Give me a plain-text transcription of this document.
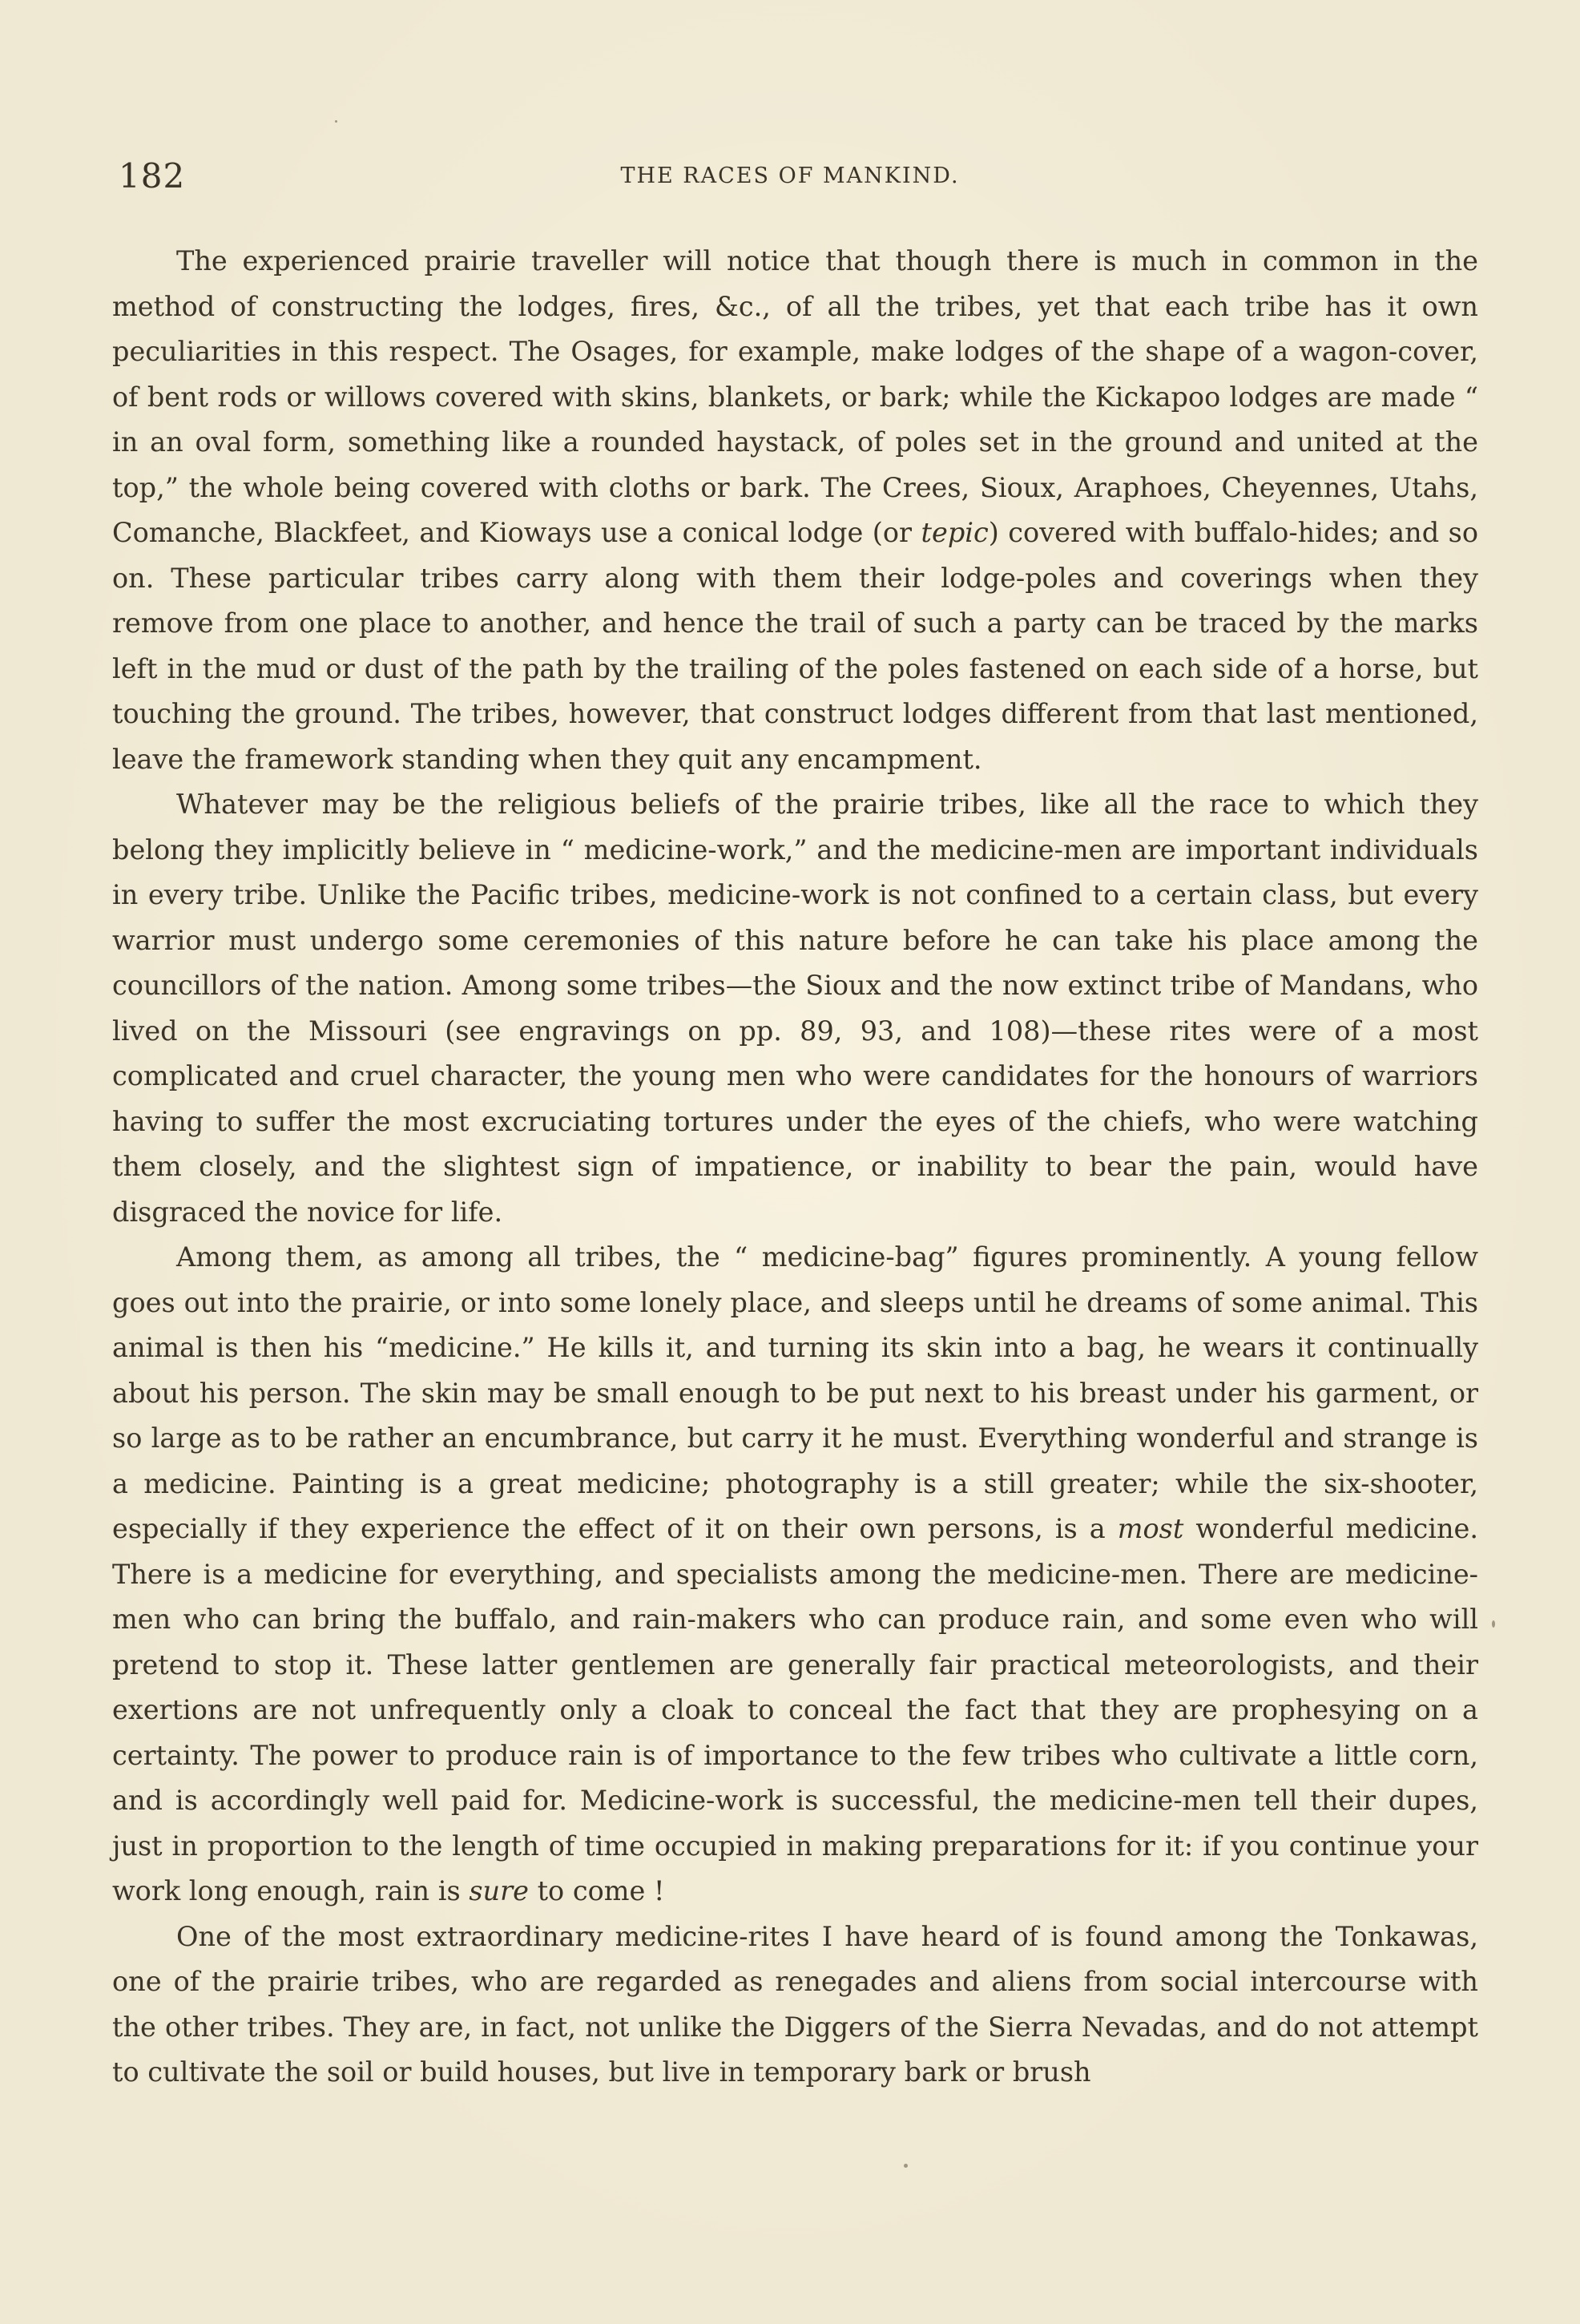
182	THE RACES OF MANKIND.

The experienced prairie traveller will notice that though there is much in common in the method of constructing the lodges, fires, &c., of all the tribes, yet that each tribe has it own peculiarities in this respect. The Osages, for example, make lodges of the shape of a wagon-cover, of bent rods or willows covered with skins, blankets, or bark; while the Kickapoo lodges are made “ in an oval form, something like a rounded haystack, of poles set in the ground and united at the top,” the whole being covered with cloths or bark. The Crees, Sioux, Araphoes, Cheyennes, Utahs, Comanche, Blackfeet, and Kioways use a conical lodge (or tepic) covered with buffalo-hides; and so on. These particular tribes carry along with them their lodge-poles and coverings when they remove from one place to another, and hence the trail of such a party can be traced by the marks left in the mud or dust of the path by the trailing of the poles fastened on each side of a horse, but touching the ground. The tribes, however, that construct lodges different from that last mentioned, leave the framework standing when they quit any encampment.

Whatever may be the religious beliefs of the prairie tribes, like all the race to which they belong they implicitly believe in “ medicine-work,” and the medicine-men are important individuals in every tribe. Unlike the Pacific tribes, medicine-work is not confined to a certain class, but every warrior must undergo some ceremonies of this nature before he can take his place among the councillors of the nation. Among some tribes—the Sioux and the now extinct tribe of Mandans, who lived on the Missouri (see engravings on pp. 89, 93, and 108)—these rites were of a most complicated and cruel character, the young men who were candidates for the honours of warriors having to suffer the most excruciating tortures under the eyes of the chiefs, who were watching them closely, and the slightest sign of impatience, or inability to bear the pain, would have disgraced the novice for life.

Among them, as among all tribes, the “ medicine-bag” figures prominently. A young fellow goes out into the prairie, or into some lonely place, and sleeps until he dreams of some animal. This animal is then his “medicine.” He kills it, and turning its skin into a bag, he wears it continually about his person. The skin may be small enough to be put next to his breast under his garment, or so large as to be rather an encumbrance, but carry it he must. Everything wonderful and strange is a medicine. Painting is a great medicine; photography is a still greater; while the six-shooter, especially if they experience the effect of it on their own persons, is a most wonderful medicine. There is a medicine for everything, and specialists among the medicine-men. There are medicine-men who can bring the buffalo, and rain-makers who can produce rain, and some even who will pretend to stop it. These latter gentlemen are generally fair practical meteorologists, and their exertions are not unfrequently only a cloak to conceal the fact that they are prophesying on a certainty. The power to produce rain is of importance to the few tribes who cultivate a little corn, and is accordingly well paid for. Medicine-work is successful, the medicine-men tell their dupes, just in proportion to the length of time occupied in making preparations for it: if you continue your work long enough, rain is sure to come !

One of the most extraordinary medicine-rites I have heard of is found among the Tonkawas, one of the prairie tribes, who are regarded as renegades and aliens from social intercourse with the other tribes. They are, in fact, not unlike the Diggers of the Sierra Nevadas, and do not attempt to cultivate the soil or build houses, but live in temporary bark or brush
